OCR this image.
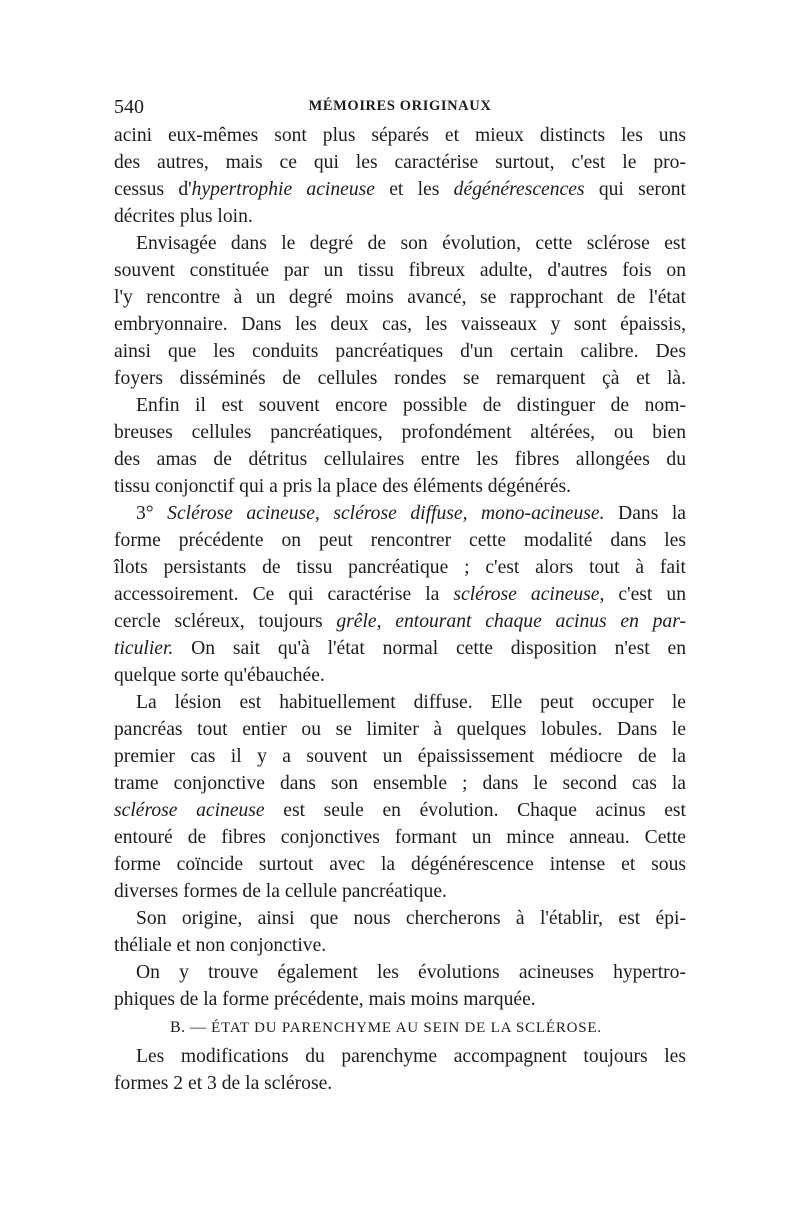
540	MÉMOIRES ORIGINAUX
acini eux-mêmes sont plus séparés et mieux distincts les uns
des autres, mais ce qui les caractérise surtout, c'est le pro-
cessus d'hypertrophie acineuse et les dégénérescences qui seront
décrites plus loin.
Envisagée dans le degré de son évolution, cette sclérose est
souvent constituée par un tissu fibreux adulte, d'autres fois on
l'y rencontre à un degré moins avancé, se rapprochant de l'état
embryonnaire. Dans les deux cas, les vaisseaux y sont épaissis,
ainsi que les conduits pancréatiques d'un certain calibre. Des
foyers disséminés de cellules rondes se remarquent çà et là.
Enfin il est souvent encore possible de distinguer de nom-
breuses cellules pancréatiques, profondément altérées, ou bien
des amas de détritus cellulaires entre les fibres allongées du
tissu conjonctif qui a pris la place des éléments dégénérés.
3° Sclérose acineuse, sclérose diffuse, mono-acineuse. Dans la
forme précédente on peut rencontrer cette modalité dans les
îlots persistants de tissu pancréatique ; c'est alors tout à fait
accessoirement. Ce qui caractérise la sclérose acineuse, c'est un
cercle scléreux, toujours grêle, entourant chaque acinus en par-
ticulier. On sait qu'à l'état normal cette disposition n'est en
quelque sorte qu'ébauchée.
La lésion est habituellement diffuse. Elle peut occuper le
pancréas tout entier ou se limiter à quelques lobules. Dans le
premier cas il y a souvent un épaississement médiocre de la
trame conjonctive dans son ensemble ; dans le second cas la
sclérose acineuse est seule en évolution. Chaque acinus est
entouré de fibres conjonctives formant un mince anneau. Cette
forme coïncide surtout avec la dégénérescence intense et sous
diverses formes de la cellule pancréatique.
Son origine, ainsi que nous chercherons à l'établir, est épi-
théliale et non conjonctive.
On y trouve également les évolutions acineuses hypertro-
phiques de la forme précédente, mais moins marquée.
B. — ÉTAT DU PARENCHYME AU SEIN DE LA SCLÉROSE.
Les modifications du parenchyme accompagnent toujours les
formes 2 et 3 de la sclérose.
